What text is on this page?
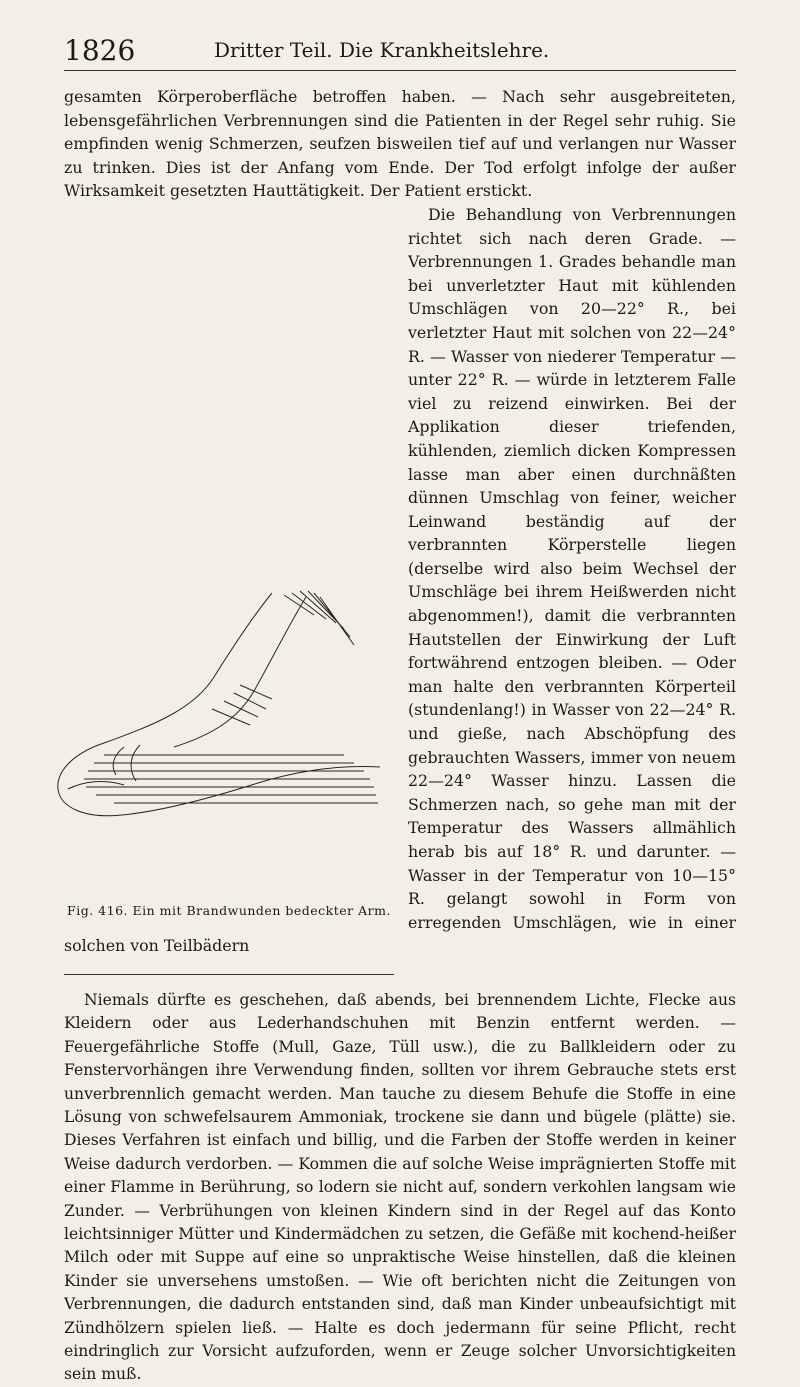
1826	Dritter Teil. Die Krankheitslehre.

gesamten Körperoberfläche betroffen haben. — Nach sehr ausgebreiteten, lebensgefährlichen Verbrennungen sind die Patienten in der Regel sehr ruhig. Sie empfinden wenig Schmerzen, seufzen bisweilen tief auf und verlangen nur Wasser zu trinken. Dies ist der Anfang vom Ende. Der Tod erfolgt infolge der außer Wirksamkeit gesetzten Hauttätigkeit. Der Patient erstickt.

Fig. 416. Ein mit Brandwunden bedeckter Arm.
Die Behandlung von Verbrennungen richtet sich nach deren Grade. — Verbrennungen 1. Grades behandle man bei unverletzter Haut mit kühlenden Umschlägen von 20—22° R., bei verletzter Haut mit solchen von 22—24° R. — Wasser von niederer Temperatur — unter 22° R. — würde in letzterem Falle viel zu reizend einwirken. Bei der Applikation dieser triefenden, kühlenden, ziemlich dicken Kompressen lasse man aber einen durchnäßten dünnen Umschlag von feiner, weicher Leinwand beständig auf der verbrannten Körperstelle liegen (derselbe wird also beim Wechsel der Umschläge bei ihrem Heißwerden nicht abgenommen!), damit die verbrannten Hautstellen der Einwirkung der Luft fortwährend entzogen bleiben. — Oder man halte den verbrannten Körperteil (stundenlang!) in Wasser von 22—24° R. und gieße, nach Abschöpfung des gebrauchten Wassers, immer von neuem 22—24° Wasser hinzu. Lassen die Schmerzen nach, so gehe man mit der Temperatur des Wassers allmählich herab bis auf 18° R. und darunter. — Wasser in der Temperatur von 10—15° R. gelangt sowohl in Form von erregenden Umschlägen, wie in einer solchen von Teilbädern

Niemals dürfte es geschehen, daß abends, bei brennendem Lichte, Flecke aus Kleidern oder aus Lederhandschuhen mit Benzin entfernt werden. — Feuergefährliche Stoffe (Mull, Gaze, Tüll usw.), die zu Ballkleidern oder zu Fenstervorhängen ihre Verwendung finden, sollten vor ihrem Gebrauche stets erst unverbrennlich gemacht werden. Man tauche zu diesem Behufe die Stoffe in eine Lösung von schwefelsaurem Ammoniak, trockene sie dann und bügele (plätte) sie. Dieses Verfahren ist einfach und billig, und die Farben der Stoffe werden in keiner Weise dadurch verdorben. — Kommen die auf solche Weise imprägnierten Stoffe mit einer Flamme in Berührung, so lodern sie nicht auf, sondern verkohlen langsam wie Zunder. — Verbrühungen von kleinen Kindern sind in der Regel auf das Konto leichtsinniger Mütter und Kindermädchen zu setzen, die Gefäße mit kochend-heißer Milch oder mit Suppe auf eine so unpraktische Weise hinstellen, daß die kleinen Kinder sie unversehens umstoßen. — Wie oft berichten nicht die Zeitungen von Verbrennungen, die dadurch entstanden sind, daß man Kinder unbeaufsichtigt mit Zündhölzern spielen ließ. — Halte es doch jedermann für seine Pflicht, recht eindringlich zur Vorsicht aufzuforden, wenn er Zeuge solcher Unvorsichtigkeiten sein muß.
